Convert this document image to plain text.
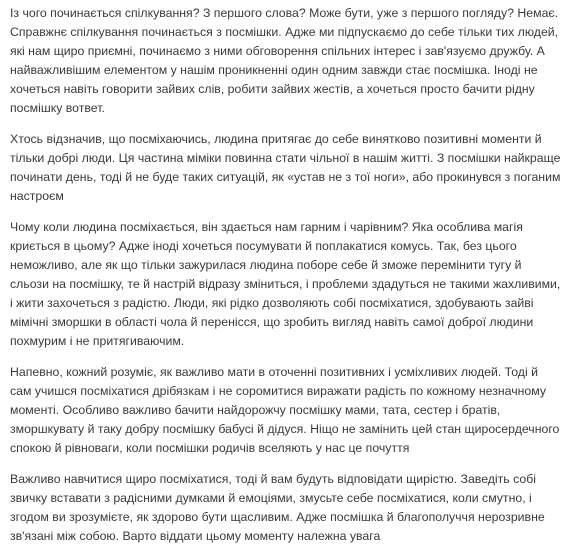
Із чого починається спілкування? З першого слова? Може бути, уже з першого погляду? Немає. Справжнє спілкування починається з посмішки. Адже ми підпускаємо до себе тільки тих людей, які нам щиро приємні, починаємо з ними обговорення спільних інтерес і зав'язуємо дружбу. А найважливішим елементом у нашім проникненні один одним завжди стає посмішка. Іноді не хочеться навіть говорити зайвих слів, робити зайвих жестів, а хочеться просто бачити рідну посмішку вответ.

Хтось відзначив, що посміхаючись, людина притягає до себе винятково позитивні моменти й тільки добрі люди. Ця частина міміки повинна стати чільної в нашім житті. З посмішки найкраще починати день, тоді й не буде таких ситуацій, як «устав не з тої ноги», або прокинувся з поганим настроєм

Чому коли людина посміхається, він здається нам гарним і чарівним? Яка особлива магія криється в цьому? Адже іноді хочеться посумувати й поплакатися комусь. Так, без цього неможливо, але як що тільки зажурилася людина поборе себе й зможе перемінити тугу й сльози на посмішку, те й настрій відразу зміниться, і проблеми здадуться не такими жахливими, і жити захочеться з радістю. Люди, які рідко дозволяють собі посміхатися, здобувають зайві мімічні зморшки в області чола й перенісся, що зробить вигляд навіть самої доброї людини похмурим і не притягиваючим.

Напевно, кожний розуміє, як важливо мати в оточенні позитивних і усміхливих людей. Тоді й сам учишся посміхатися дрібязкам і не соромитися виражати радість по кожному незначному моменті. Особливо важливо бачити найдорожчу посмішку мами, тата, сестер і братів, зморшкувату й таку добру посмішку бабусі й дідуся. Ніщо не замінить цей стан щиросердечного спокою й рівноваги, коли посмішки родичів вселяють у нас це почуття

Важливо навчитися щиро посміхатися, тоді й вам будуть відповідати щирістю. Заведіть собі звичку вставати з радісними думками й емоціями, змусьте себе посміхатися, коли смутно, і згодом ви зрозумієте, як здорово бути щасливим. Адже посмішка й благополуччя нерозривне зв'язані між собою. Варто віддати цьому моменту належна увага
